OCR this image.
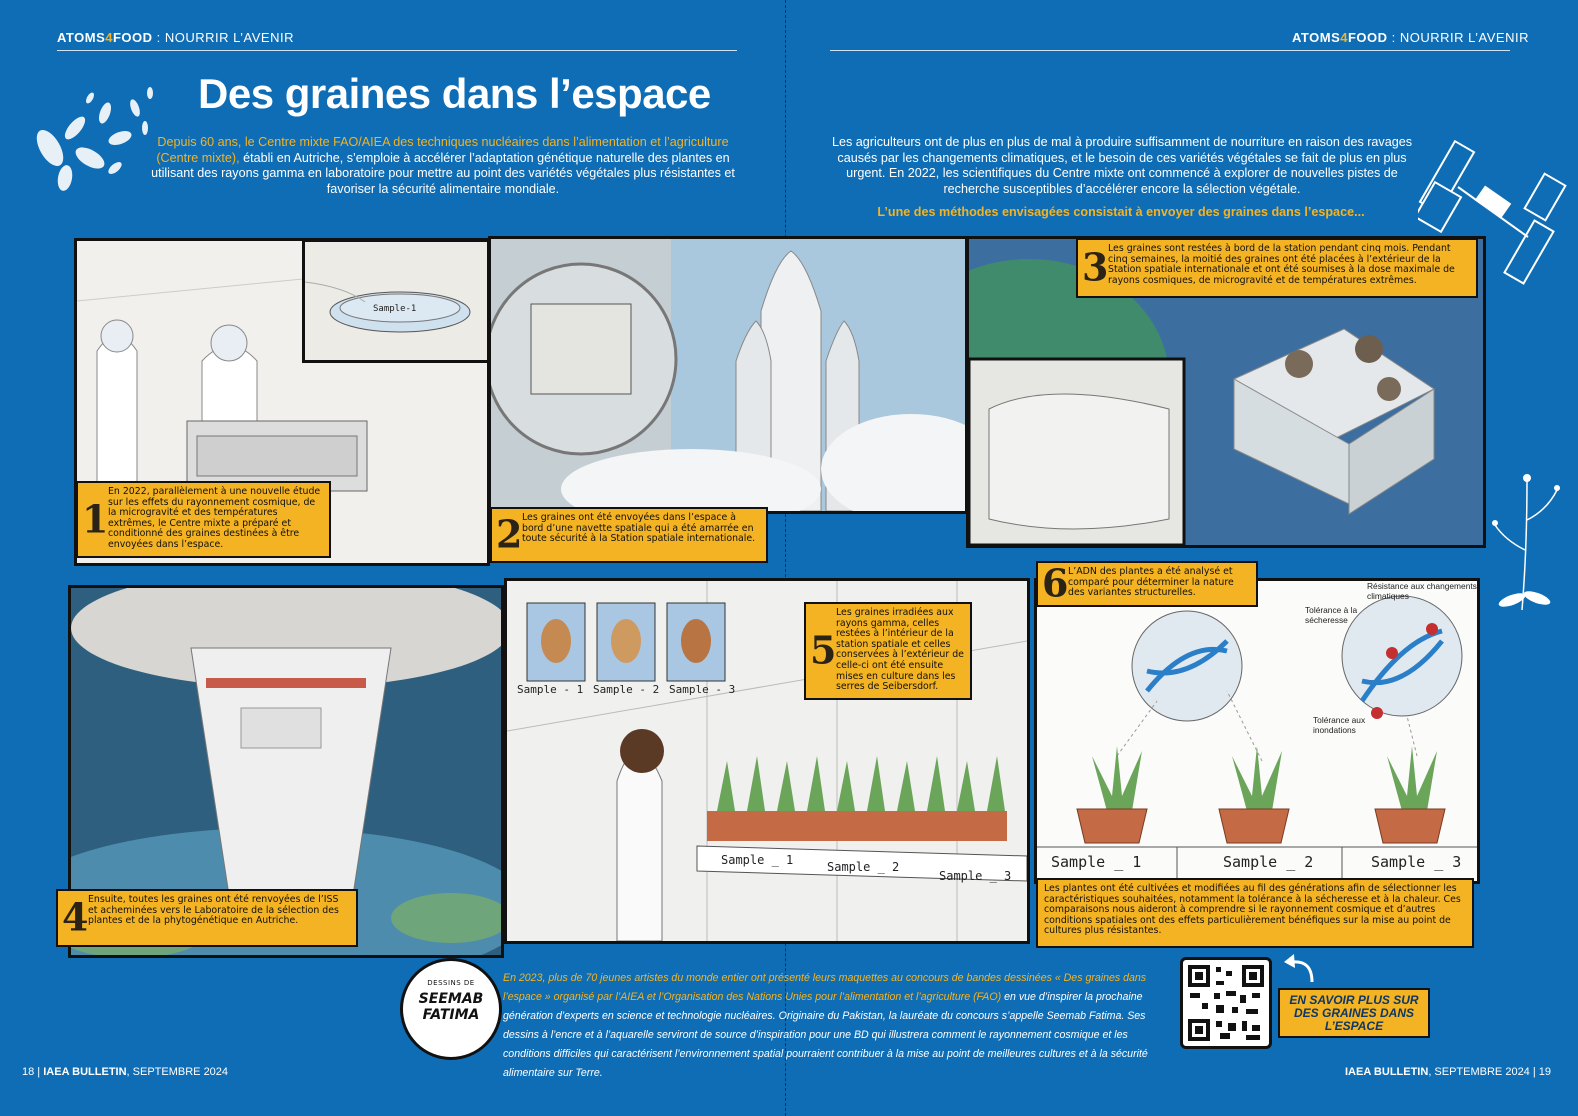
ATOMS4FOOD : NOURRIR L’AVENIR	ATOMS4FOOD : NOURRIR L’AVENIR
Des graines dans l’espace
Depuis 60 ans, le Centre mixte FAO/AIEA des techniques nucléaires dans l’alimentation et l’agriculture (Centre mixte), établi en Autriche, s’emploie à accélérer l’adaptation génétique naturelle des plantes en utilisant des rayons gamma en laboratoire pour mettre au point des variétés végétales plus résistantes et favoriser la sécurité alimentaire mondiale.
Les agriculteurs ont de plus en plus de mal à produire suffisamment de nourriture en raison des ravages causés par les changements climatiques, et le besoin de ces variétés végétales se fait de plus en plus urgent. En 2022, les scientifiques du Centre mixte ont commencé à explorer de nouvelles pistes de recherche susceptibles d’accélérer encore la sélection végétale.
L’une des méthodes envisagées consistait à envoyer des graines dans l’espace...
Sample-1
1
En 2022, parallèlement à une nouvelle étude sur les effets du rayonnement cosmique, de la microgravité et des températures extrêmes, le Centre mixte a préparé et conditionné des graines destinées à être envoyées dans l’espace.	2 Les graines ont été envoyées dans l’espace à bord d’une navette spatiale qui a été amarrée en toute sécurité à la Station spatiale internationale.
3 Les graines sont restées à bord de la station pendant cinq mois. Pendant cinq semaines, la moitié des graines ont été placées à l’extérieur de la Station spatiale internationale et ont été soumises à la dose maximale de rayons cosmiques, de microgravité et de températures extrêmes.
4 Ensuite, toutes les graines ont été renvoyées de l’ISS et acheminées vers le Laboratoire de la sélection des plantes et de la phytogénétique en Autriche.
Sample - 1 Sample - 2 Sample - 3
Sample _ 1	Sample _ 2
Sample _ 3
5
Les graines irradiées aux rayons gamma, celles restées à l’intérieur de la station spatiale et celles conservées à l’extérieur de celle-ci ont été ensuite mises en culture dans les serres de Seibersdorf.
Sample _ 1	Sample _ 2	Sample _ 3
Résistance aux changements climatiques
Tolérance à la sécheresse
Tolérance aux inondations
6 L’ADN des plantes a été analysé et comparé pour déterminer la nature des variantes structurelles.
Les plantes ont été cultivées et modifiées au fil des générations afin de sélectionner les caractéristiques souhaitées, notamment la tolérance à la sécheresse et à la chaleur. Ces comparaisons nous aideront à comprendre si le rayonnement cosmique et d’autres conditions spatiales ont des effets particulièrement bénéfiques sur la mise au point de cultures plus résistantes.
DESSINS DE
SEEMAB
FATIMA
En 2023, plus de 70 jeunes artistes du monde entier ont présenté leurs maquettes au concours de bandes dessinées « Des graines dans l’espace » organisé par l’AIEA et l’Organisation des Nations Unies pour l’alimentation et l’agriculture (FAO) en vue d’inspirer la prochaine génération d’experts en science et technologie nucléaires. Originaire du Pakistan, la lauréate du concours s’appelle Seemab Fatima. Ses dessins à l’encre et à l’aquarelle serviront de source d’inspiration pour une BD qui illustrera comment le rayonnement cosmique et les conditions difficiles qui caractérisent l’environnement spatial pourraient contribuer à la mise au point de meilleures cultures et à la sécurité alimentaire sur Terre.
EN SAVOIR PLUS SUR DES GRAINES DANS L’ESPACE
18 | IAEA BULLETIN, SEPTEMBRE 2024	IAEA BULLETIN, SEPTEMBRE 2024 | 19
